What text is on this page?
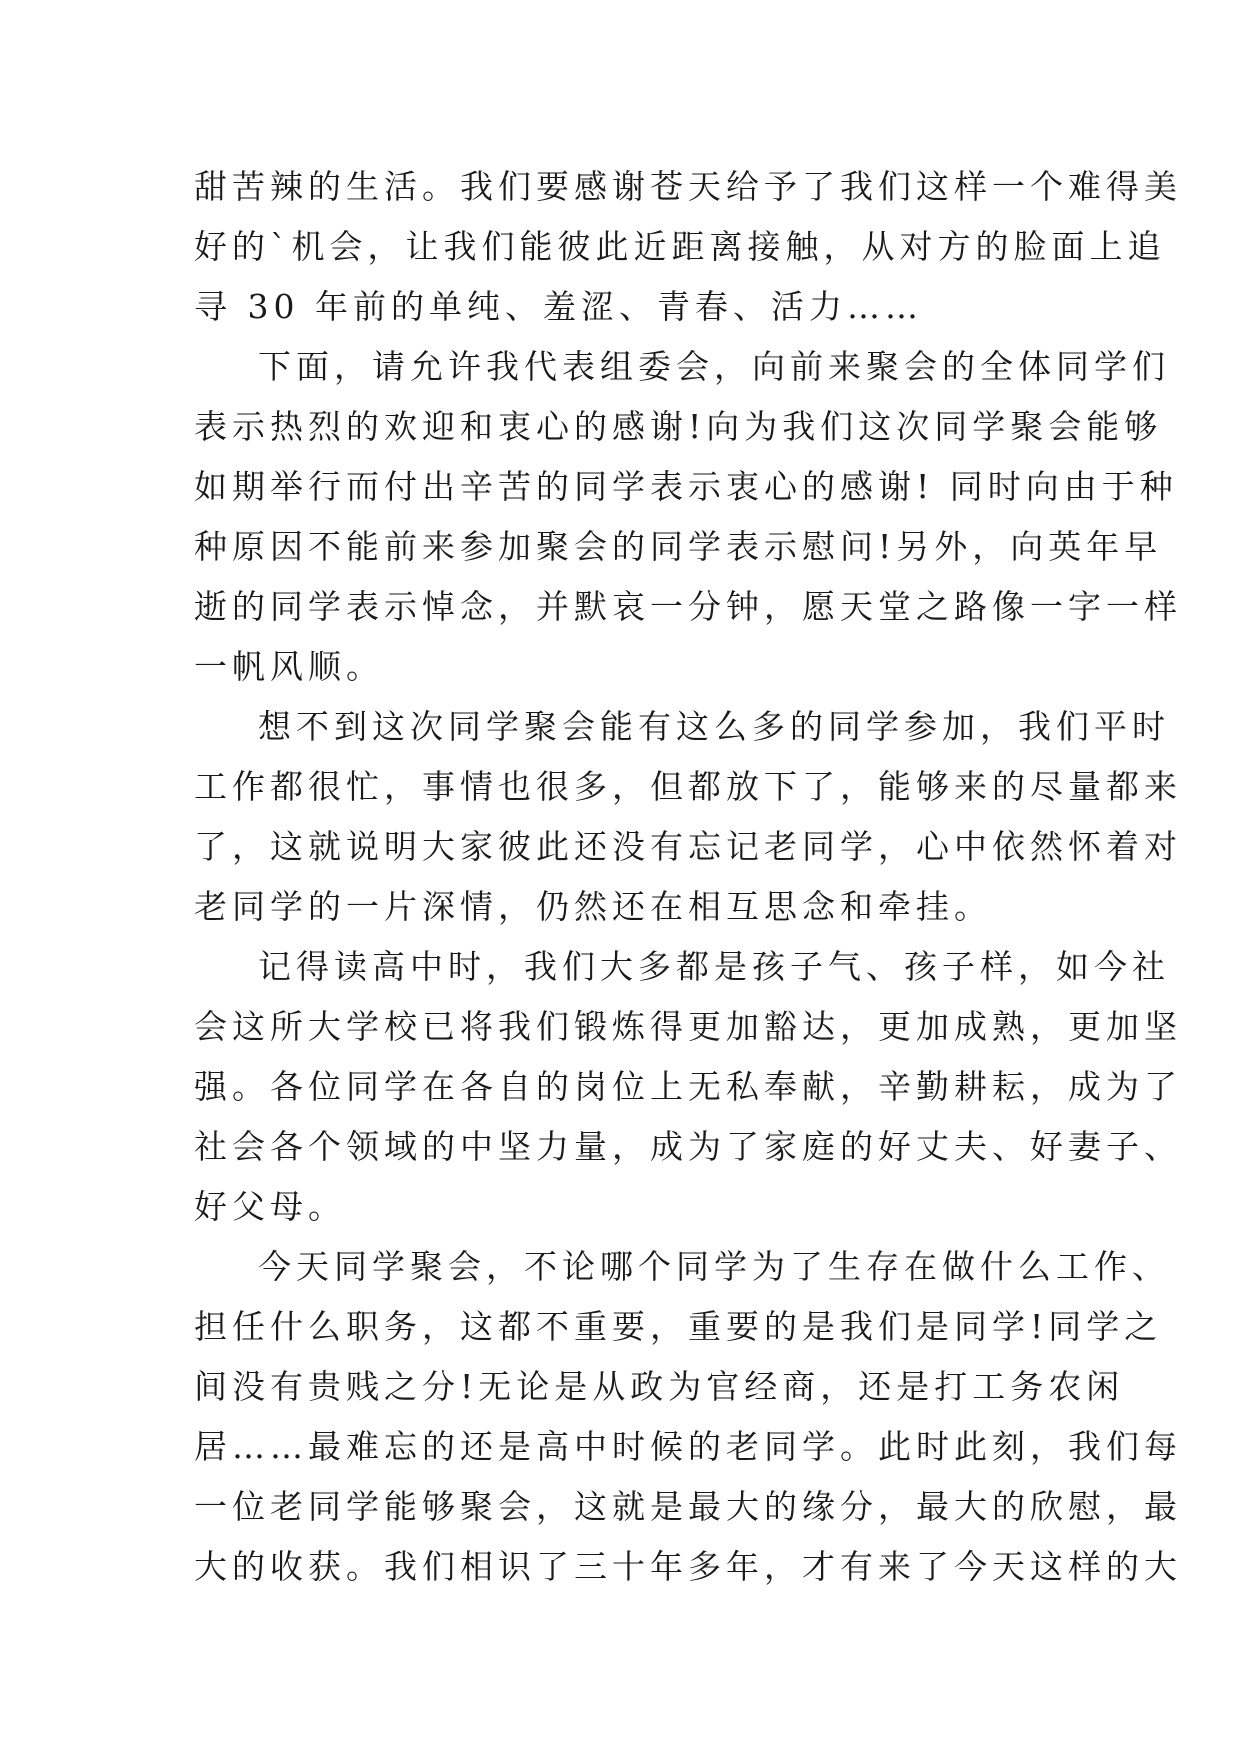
甜苦辣的生活。我们要感谢苍天给予了我们这样一个难得美
好的`机会，让我们能彼此近距离接触，从对方的脸面上追
寻 30 年前的单纯、羞涩、青春、活力……
下面，请允许我代表组委会，向前来聚会的全体同学们
表示热烈的欢迎和衷心的感谢!向为我们这次同学聚会能够
如期举行而付出辛苦的同学表示衷心的感谢! 同时向由于种
种原因不能前来参加聚会的同学表示慰问!另外，向英年早
逝的同学表示悼念，并默哀一分钟，愿天堂之路像一字一样
一帆风顺。
想不到这次同学聚会能有这么多的同学参加，我们平时
工作都很忙，事情也很多，但都放下了，能够来的尽量都来
了，这就说明大家彼此还没有忘记老同学，心中依然怀着对
老同学的一片深情，仍然还在相互思念和牵挂。
记得读高中时，我们大多都是孩子气、孩子样，如今社
会这所大学校已将我们锻炼得更加豁达，更加成熟，更加坚
强。各位同学在各自的岗位上无私奉献，辛勤耕耘，成为了
社会各个领域的中坚力量，成为了家庭的好丈夫、好妻子、
好父母。
今天同学聚会，不论哪个同学为了生存在做什么工作、
担任什么职务，这都不重要，重要的是我们是同学!同学之
间没有贵贱之分!无论是从政为官经商，还是打工务农闲
居……最难忘的还是高中时候的老同学。此时此刻，我们每
一位老同学能够聚会，这就是最大的缘分，最大的欣慰，最
大的收获。我们相识了三十年多年，才有来了今天这样的大
